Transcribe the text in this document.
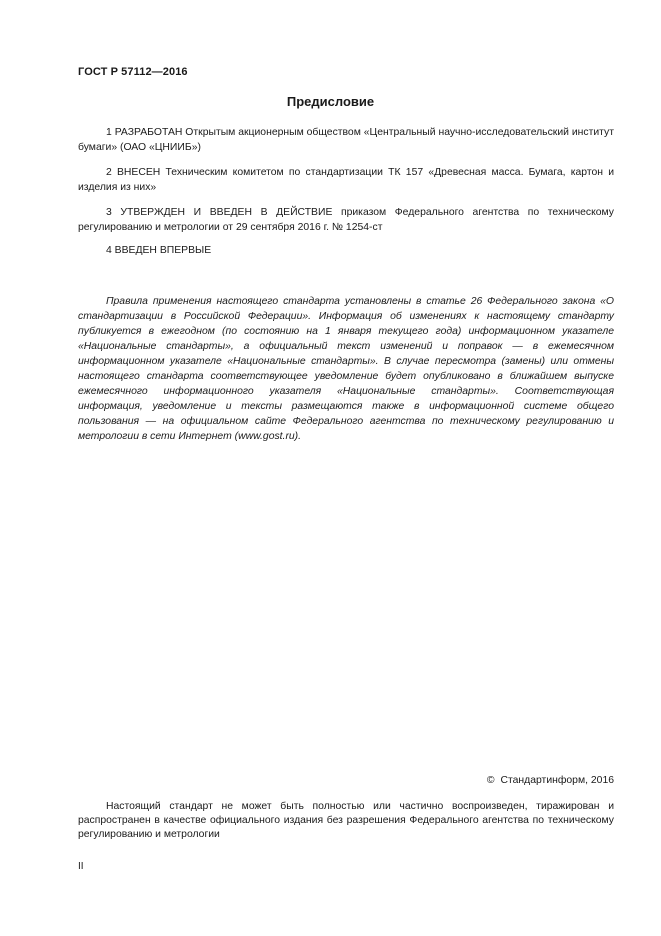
ГОСТ Р 57112—2016
Предисловие

1 РАЗРАБОТАН Открытым акционерным обществом «Центральный научно-исследовательский институт бумаги» (ОАО «ЦНИИБ»)

2 ВНЕСЕН Техническим комитетом по стандартизации ТК 157 «Древесная масса. Бумага, картон и изделия из них»

3 УТВЕРЖДЕН И ВВЕДЕН В ДЕЙСТВИЕ приказом Федерального агентства по техническому регулированию и метрологии от 29 сентября 2016 г. № 1254-ст

4 ВВЕДЕН ВПЕРВЫЕ

Правила применения настоящего стандарта установлены в статье 26 Федерального закона «О стандартизации в Российской Федерации». Информация об изменениях к настоящему стандарту публикуется в ежегодном (по состоянию на 1 января текущего года) информационном указателе «Национальные стандарты», а официальный текст изменений и поправок — в ежемесячном информационном указателе «Национальные стандарты». В случае пересмотра (замены) или отмены настоящего стандарта соответствующее уведомление будет опубликовано в ближайшем выпуске ежемесячного информационного указателя «Национальные стандарты». Соответствующая информация, уведомление и тексты размещаются также в информационной системе общего пользования — на официальном сайте Федерального агентства по техническому регулированию и метрологии в сети Интернет (www.gost.ru).

© Стандартинформ, 2016

Настоящий стандарт не может быть полностью или частично воспроизведен, тиражирован и распространен в качестве официального издания без разрешения Федерального агентства по техническому регулированию и метрологии

II
